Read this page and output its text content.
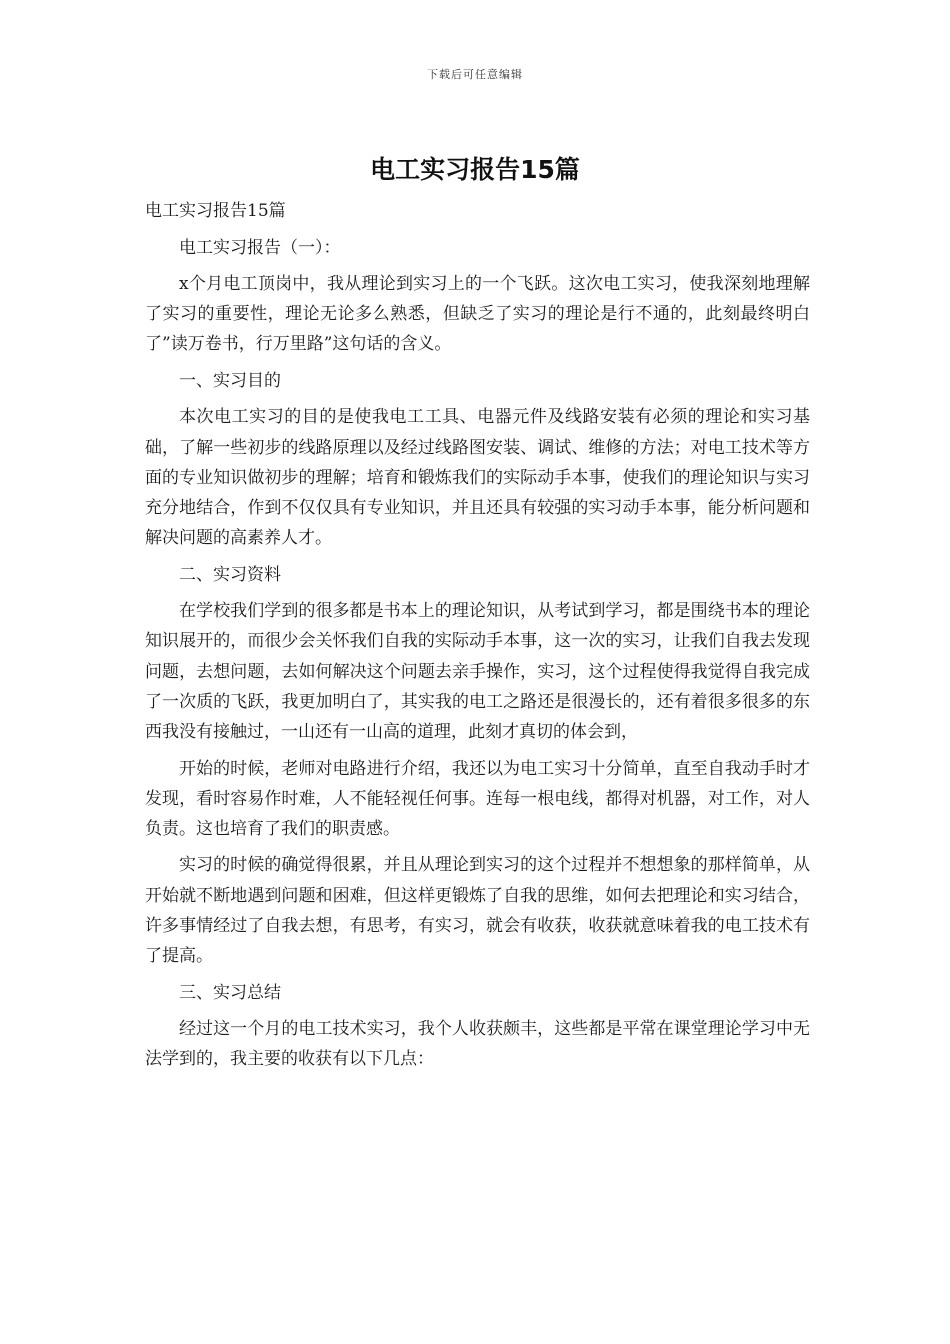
下载后可任意编辑
电工实习报告15篇

电工实习报告15篇

电工实习报告（一）：

x个月电工顶岗中，我从理论到实习上的一个飞跃。这次电工实习，使我深刻地理解了实习的重要性，理论无论多么熟悉，但缺乏了实习的理论是行不通的，此刻最终明白了”读万卷书，行万里路”这句话的含义。

一、实习目的

本次电工实习的目的是使我电工工具、电器元件及线路安装有必须的理论和实习基础，了解一些初步的线路原理以及经过线路图安装、调试、维修的方法；对电工技术等方面的专业知识做初步的理解；培育和锻炼我们的实际动手本事，使我们的理论知识与实习充分地结合，作到不仅仅具有专业知识，并且还具有较强的实习动手本事，能分析问题和解决问题的高素养人才。

二、实习资料

在学校我们学到的很多都是书本上的理论知识，从考试到学习，都是围绕书本的理论知识展开的，而很少会关怀我们自我的实际动手本事，这一次的实习，让我们自我去发现问题，去想问题，去如何解决这个问题去亲手操作，实习，这个过程使得我觉得自我完成了一次质的飞跃，我更加明白了，其实我的电工之路还是很漫长的，还有着很多很多的东西我没有接触过，一山还有一山高的道理，此刻才真切的体会到，

开始的时候，老师对电路进行介绍，我还以为电工实习十分简单，直至自我动手时才发现，看时容易作时难，人不能轻视任何事。连每一根电线，都得对机器，对工作，对人负责。这也培育了我们的职责感。

实习的时候的确觉得很累，并且从理论到实习的这个过程并不想想象的那样简单，从开始就不断地遇到问题和困难，但这样更锻炼了自我的思维，如何去把理论和实习结合，许多事情经过了自我去想，有思考，有实习，就会有收获，收获就意味着我的电工技术有了提高。

三、实习总结

经过这一个月的电工技术实习，我个人收获颇丰，这些都是平常在课堂理论学习中无法学到的，我主要的收获有以下几点：
